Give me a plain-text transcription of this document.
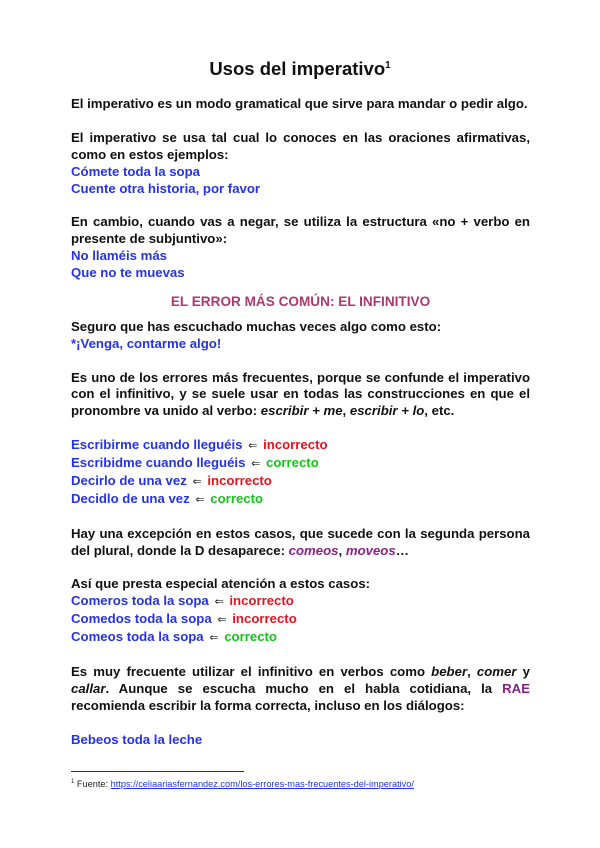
Usos del imperativo$^1$

El imperativo es un modo gramatical que sirve para mandar o pedir algo.

El imperativo se usa tal cual lo conoces en las oraciones afirmativas, como en estos ejemplos:

Cómete toda la sopa

Cuente otra historia, por favor

En cambio, cuando vas a negar, se utiliza la estructura «no + verbo en presente de subjuntivo»:

No llaméis más

Que no te muevas

EL ERROR MÁS COMÚN: EL INFINITIVO

Seguro que has escuchado muchas veces algo como esto:

*¡Venga, contarme algo!

Es uno de los errores más frecuentes, porque se confunde el imperativo con el infinitivo, y se suele usar en todas las construcciones en que el pronombre va unido al verbo: escribir + me, escribir + lo, etc.

Escribirme cuando lleguéis ⇐ incorrecto

Escribidme cuando lleguéis ⇐ correcto

Decirlo de una vez ⇐ incorrecto

Decidlo de una vez ⇐ correcto

Hay una excepción en estos casos, que sucede con la segunda persona del plural, donde la D desaparece: comeos, moveos…

Así que presta especial atención a estos casos:

Comeros toda la sopa ⇐ incorrecto

Comedos toda la sopa ⇐ incorrecto

Comeos toda la sopa ⇐ correcto

Es muy frecuente utilizar el infinitivo en verbos como beber, comer y callar. Aunque se escucha mucho en el habla cotidiana, la RAE recomienda escribir la forma correcta, incluso en los diálogos:

Bebeos toda la leche

$^1$ Fuente: https://celiaariasfernandez.com/los-errores-mas-frecuentes-del-imperativo/
